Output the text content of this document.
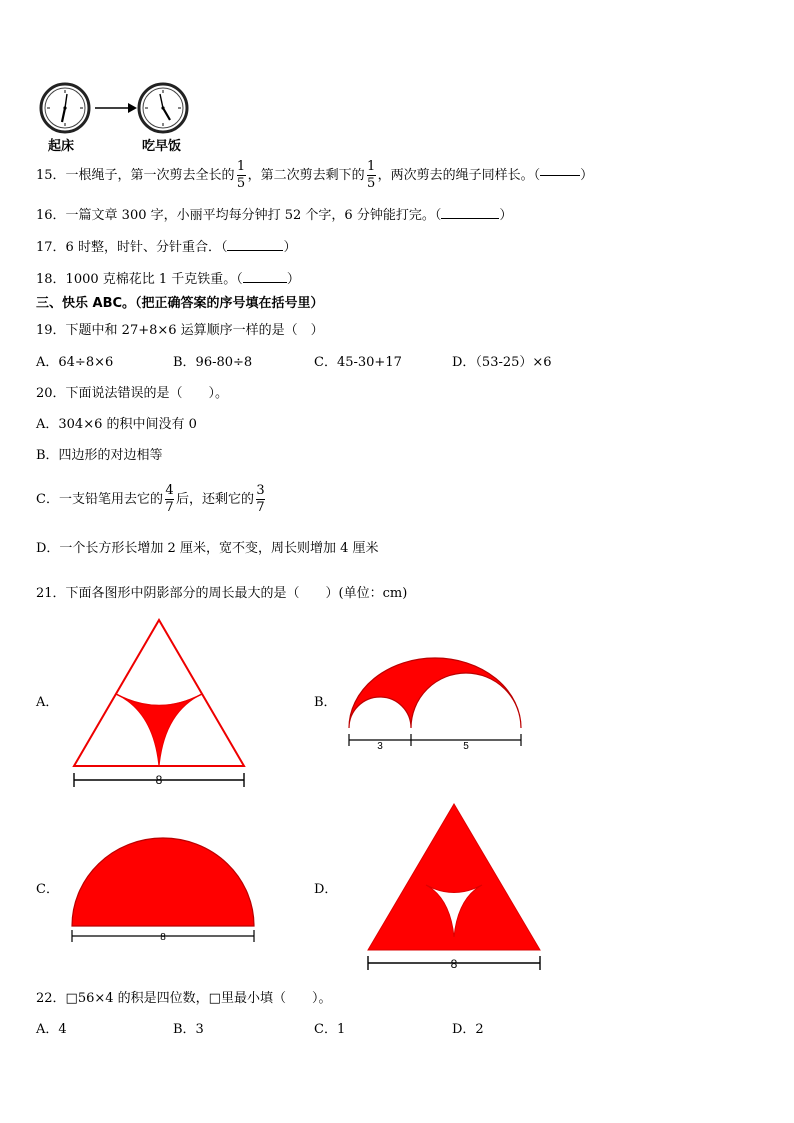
起床	吃早饭
15． 一根绳子，第一次剪去全长的 $\frac{1}{5}$ ，第二次剪去剩下的 $\frac{1}{5}$ ，两次剪去的绳子同样长。（	）
16．一篇文章 300 字，小丽平均每分钟打 52 个字，6 分钟能打完。（	）
17．6 时整，时针、分针重合．（	）
18．1000 克棉花比 1 千克铁重。（	）
三、快乐 ABC。（把正确答案的序号填在括号里）
19．下题中和 27+8×6 运算顺序一样的是（　）
A．64÷8×6	B．96-80÷8	C．45-30+17	D．（53-25）×6
20．下面说法错误的是（　　）。
A．304×6 的积中间没有 0
B．四边形的对边相等
C．一支铅笔用去它的 $\frac{4}{7}$ 后，还剩它的 $\frac{3}{7}$
D．一个长方形长增加 2 厘米，宽不变，周长则增加 4 厘米
21．下面各图形中阴影部分的周长最大的是（　　）(单位：cm)
A．	B．
C．	D．
8
3	5
8
8
22．□56×4 的积是四位数，□里最小填（　　）。
A．4	B．3	C．1	D．2
